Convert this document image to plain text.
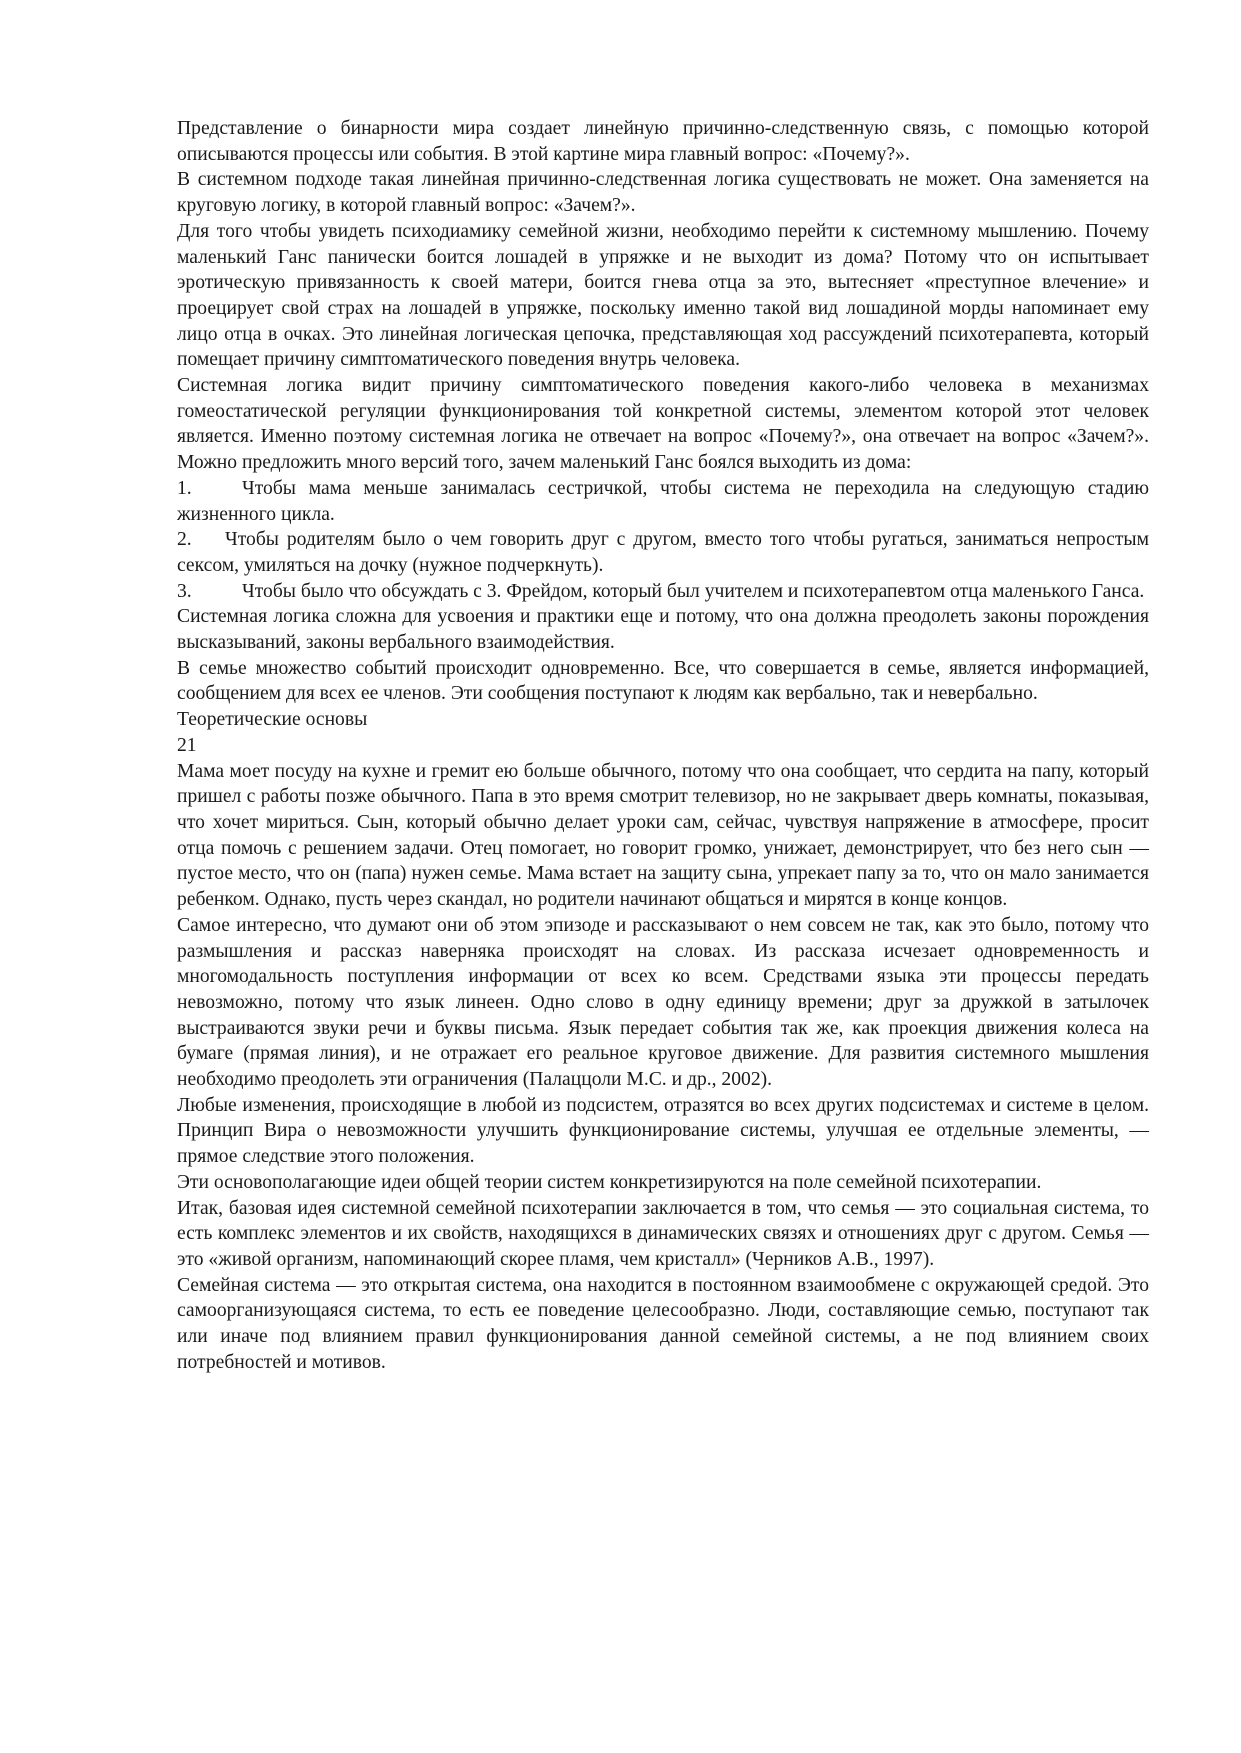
Представление о бинарности мира создает линейную причинно-следственную связь, с помощью которой описываются процессы или события. В этой картине мира главный вопрос: «Почему?».

В системном подходе такая линейная причинно-следственная логика существовать не может. Она заменяется на круговую логику, в которой главный вопрос: «Зачем?».

Для того чтобы увидеть психодиамику семейной жизни, необходимо перейти к системному мышлению. Почему маленький Ганс панически боится лошадей в упряжке и не выходит из дома? Потому что он испытывает эротическую привязанность к своей матери, боится гнева отца за это, вытесняет «преступное влечение» и проецирует свой страх на лошадей в упряжке, поскольку именно такой вид лошадиной морды напоминает ему лицо отца в очках. Это линейная логическая цепочка, представляющая ход рассуждений психотерапевта, который помещает причину симптоматического поведения внутрь человека.

Системная логика видит причину симптоматического поведения какого-либо человека в механизмах гомеостатической регуляции функционирования той конкретной системы, элементом которой этот человек является. Именно поэтому системная логика не отвечает на вопрос «Почему?», она отвечает на вопрос «Зачем?». Можно предложить много версий того, зачем маленький Ганс боялся выходить из дома:

1.	Чтобы мама меньше занималась сестричкой, чтобы система не переходила на следующую стадию жизненного цикла.

2. Чтобы родителям было о чем говорить друг с другом, вместо того чтобы ругаться, заниматься непростым сексом, умиляться на дочку (нужное подчеркнуть).

3.	Чтобы было что обсуждать с 3. Фрейдом, который был учителем и психотерапевтом отца маленького Ганса.

Системная логика сложна для усвоения и практики еще и потому, что она должна преодолеть законы порождения высказываний, законы вербального взаимодействия.

В семье множество событий происходит одновременно. Все, что совершается в семье, является информацией, сообщением для всех ее членов. Эти сообщения поступают к людям как вербально, так и невербально.

Теоретические основы

21

Мама моет посуду на кухне и гремит ею больше обычного, потому что она сообщает, что сердита на папу, который пришел с работы позже обычного. Папа в это время смотрит телевизор, но не закрывает дверь комнаты, показывая, что хочет мириться. Сын, который обычно делает уроки сам, сейчас, чувствуя напряжение в атмосфере, просит отца помочь с решением задачи. Отец помогает, но говорит громко, унижает, демонстрирует, что без него сын — пустое место, что он (папа) нужен семье. Мама встает на защиту сына, упрекает папу за то, что он мало занимается ребенком. Однако, пусть через скандал, но родители начинают общаться и мирятся в конце концов.

Самое интересно, что думают они об этом эпизоде и рассказывают о нем совсем не так, как это было, потому что размышления и рассказ наверняка происходят на словах. Из рассказа исчезает одновременность и многомодальность поступления информации от всех ко всем. Средствами языка эти процессы передать невозможно, потому что язык линеен. Одно слово в одну единицу времени; друг за дружкой в затылочек выстраиваются звуки речи и буквы письма. Язык передает события так же, как проекция движения колеса на бумаге (прямая линия), и не отражает его реальное круговое движение. Для развития системного мышления необходимо преодолеть эти ограничения (Палаццоли М.С. и др., 2002).

Любые изменения, происходящие в любой из подсистем, отразятся во всех других подсистемах и системе в целом. Принцип Вира о невозможности улучшить функционирование системы, улучшая ее отдельные элементы, — прямое следствие этого положения.

Эти основополагающие идеи общей теории систем конкретизируются на поле семейной психотерапии.

Итак, базовая идея системной семейной психотерапии заключается в том, что семья — это социальная система, то есть комплекс элементов и их свойств, находящихся в динамических связях и отношениях друг с другом. Семья — это «живой организм, напоминающий скорее пламя, чем кристалл» (Черников А.В., 1997).

Семейная система — это открытая система, она находится в постоянном взаимообмене с окружающей средой. Это самоорганизующаяся система, то есть ее поведение целесообразно. Люди, составляющие семью, поступают так или иначе под влиянием правил функционирования данной семейной системы, а не под влиянием своих потребностей и мотивов.
